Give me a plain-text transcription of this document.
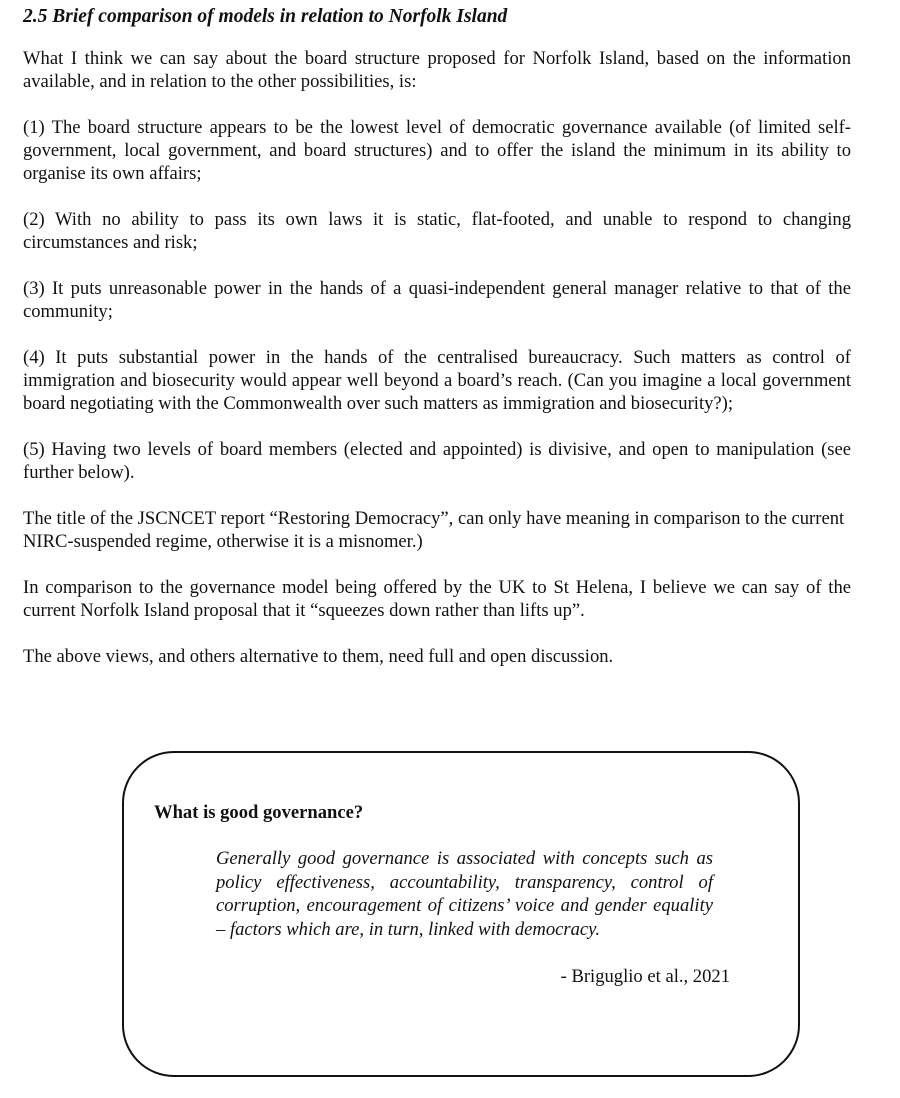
2.5 Brief comparison of models in relation to Norfolk Island

What I think we can say about the board structure proposed for Norfolk Island, based on the information available, and in relation to the other possibilities, is:

(1) The board structure appears to be the lowest level of democratic governance available (of limited self-government, local government, and board structures) and to offer the island the minimum in its ability to organise its own affairs;

(2) With no ability to pass its own laws it is static, flat-footed, and unable to respond to changing circumstances and risk;

(3) It puts unreasonable power in the hands of a quasi-independent general manager relative to that of the community;

(4) It puts substantial power in the hands of the centralised bureaucracy. Such matters as control of immigration and biosecurity would appear well beyond a board’s reach. (Can you imagine a local government board negotiating with the Commonwealth over such matters as immigration and biosecurity?);

(5) Having two levels of board members (elected and appointed) is divisive, and open to manipulation (see further below).

The title of the JSCNCET report “Restoring Democracy”, can only have meaning in comparison to the current NIRC-suspended regime, otherwise it is a misnomer.)

In comparison to the governance model being offered by the UK to St Helena, I believe we can say of the current Norfolk Island proposal that it “squeezes down rather than lifts up”.

The above views, and others alternative to them, need full and open discussion.

What is good governance?
Generally good governance is associated with concepts such as policy effectiveness, accountability, transparency, control of corruption, encouragement of citizens’ voice and gender equality – factors which are, in turn, linked with democracy.
- Briguglio et al., 2021
